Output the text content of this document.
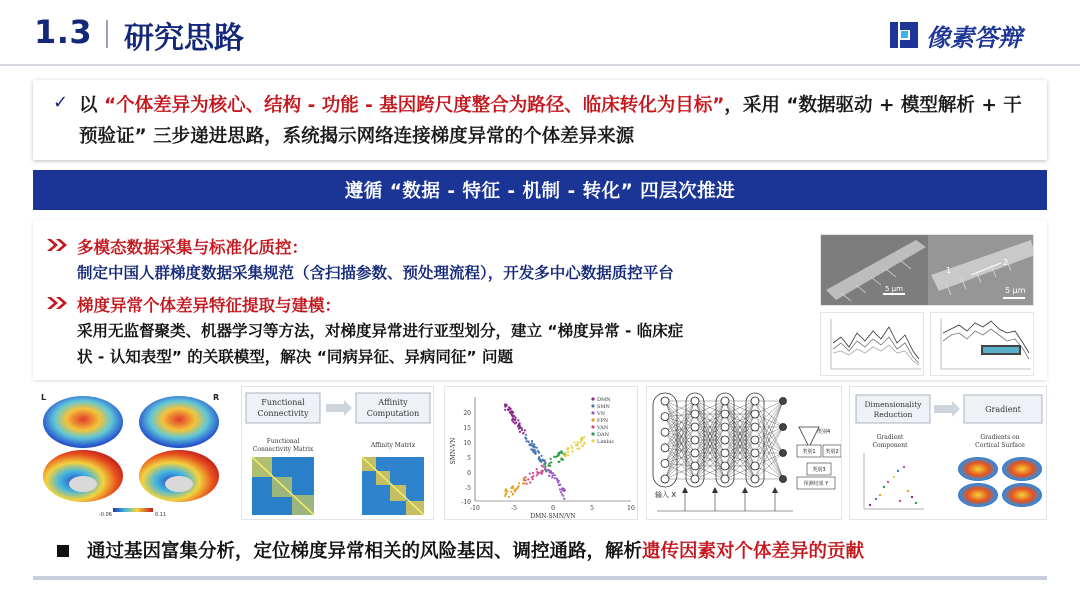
1.3 研究思路	像素答辩
✓ 以 “个体差异为核心、结构 - 功能 - 基因跨尺度整合为路径、临床转化为目标”，采用 “数据驱动 + 模型解析 + 干预验证” 三步递进思路，系统揭示网络连接梯度异常的个体差异来源
遵循 “数据 - 特征 - 机制 - 转化” 四层次推进
多模态数据采集与标准化质控：
制定中国人群梯度数据采集规范（含扫描参数、预处理流程），开发多中心数据质控平台
梯度异常个体差异特征提取与建模：
采用无监督聚类、机器学习等方法，对梯度异常进行亚型划分，建立 “梯度异常 - 临床症
状 - 认知表型” 的关联模型，解决 “同病异征、异病同征” 问题
1
2
5 μm	5 μm
L	R
-0.06	0.11
Functional
Connectivity
Affinity
Computation
Functional
Connectivity Matrix
Affinity Matrix
20
15
10
5
0
-5
-10
-10	-5	0	5	10
DMN-SMN/VN
SMN-VN
DMN
SMN
VN
FPN
VAN
DAN
Limbic
输入 X
类别1 类别2
类别3
类别4
预测结果 Y
Dimensionality
Reduction
Gradient
Gradient
Component
Gradients on
Cortical Surface
通过基因富集分析，定位梯度异常相关的风险基因、调控通路，解析遗传因素对个体差异的贡献
